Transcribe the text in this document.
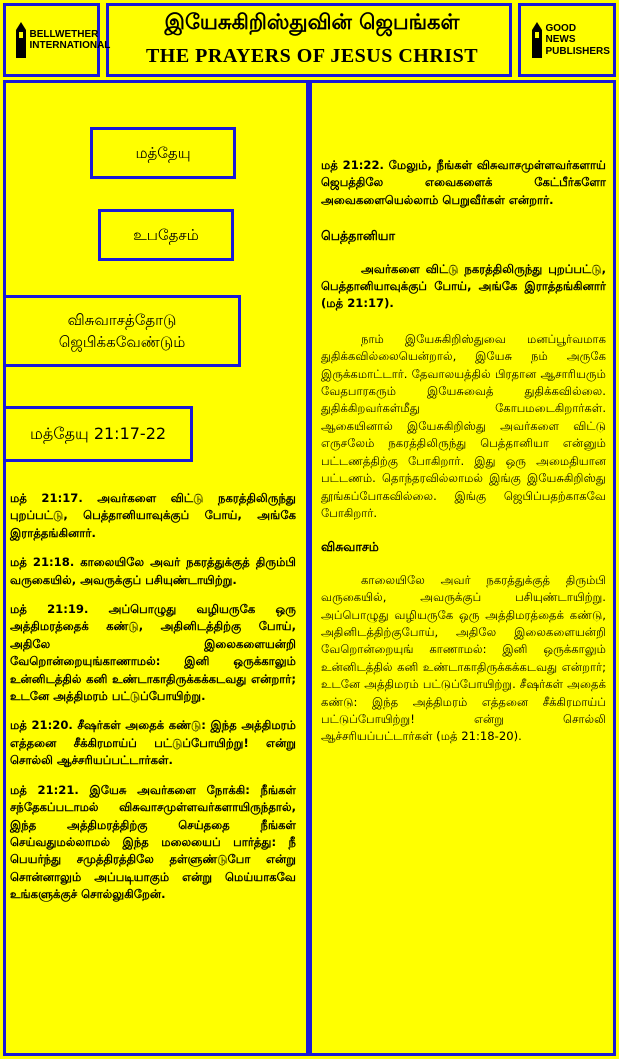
BELLWETHER INTERNATIONAL
இயேசுகிறிஸ்துவின் ஜெபங்கள்
THE PRAYERS OF JESUS CHRIST
GOOD NEWS PUBLISHERS
மத்தேயு
உபதேசம்
விசுவாசத்தோடு ஜெபிக்கவேண்டும்
மத்தேயு 21:17-22

மத் 21:17. அவர்களை விட்டு நகரத்திலிருந்து புறப்பட்டு, பெத்தானியாவுக்குப் போய், அங்கே இராத்தங்கினார்.

மத் 21:18. காலையிலே அவர் நகரத்துக்குத் திரும்பி வருகையில், அவருக்குப் பசியுண்டாயிற்று.

மத் 21:19. அப்பொழுது வழியருகே ஒரு அத்திமரத்தைக் கண்டு, அதினிடத்திற்கு போய், அதிலே இலைகளையன்றி வேறொன்றையுங்காணாமல்: இனி ஒருக்காலும் உன்னிடத்தில் கனி உண்டாகாதிருக்கக்கடவது என்றார்; உடனே அத்திமரம் பட்டுப்போயிற்று.

மத் 21:20. சீஷர்கள் அதைக் கண்டு: இந்த அத்திமரம் எத்தனை சீக்கிரமாய்ப் பட்டுப்போயிற்று! என்று சொல்லி ஆச்சரியப்பட்டார்கள்.

மத் 21:21. இயேசு அவர்களை நோக்கி: நீங்கள் சந்தேகப்படாமல் விசுவாசமுள்ளவர்களாயிருந்தால், இந்த அத்திமரத்திற்கு செய்ததை நீங்கள் செய்வதுமல்லாமல் இந்த மலையைப் பார்த்து: நீ பெயர்ந்து சமுத்திரத்திலே தள்ளுண்டுபோ என்று சொன்னாலும் அப்படியாகும் என்று மெய்யாகவே உங்களுக்குச் சொல்லுகிறேன்.

மத் 21:22. மேலும், நீங்கள் விசுவாசமுள்ளவர்களாய் ஜெபத்திலே எவைகளைக் கேட்பீர்களோ அவைகளையெல்லாம் பெறுவீர்கள் என்றார்.

பெத்தானியா

அவர்களை விட்டு நகரத்திலிருந்து புறப்பட்டு, பெத்தானியாவுக்குப் போய், அங்கே இராத்தங்கினார் (மத் 21:17).

நாம் இயேசுகிறிஸ்துவை மனப்பூர்வமாக துதிக்கவில்லையென்றால், இயேசு நம் அருகே இருக்கமாட்டார். தேவாலயத்தில் பிரதான ஆசாரியரும் வேதபாரகரும் இயேசுவைத் துதிக்கவில்லை. துதிக்கிறவர்கள்மீது கோபமடைகிறார்கள். ஆகையினால் இயேசுகிறிஸ்து அவர்களை விட்டு எருசலேம் நகரத்திலிருந்து பெத்தானியா என்னும் பட்டணத்திற்கு போகிறார். இது ஒரு அமைதியான பட்டணம். தொந்தரவில்லாமல் இங்கு இயேசுகிறிஸ்து தூங்கப்போகவில்லை. இங்கு ஜெபிப்பதற்காகவே போகிறார்.

விசுவாசம்

காலையிலே அவர் நகரத்துக்குத் திரும்பி வருகையில், அவருக்குப் பசியுண்டாயிற்று. அப்பொழுது வழியருகே ஒரு அத்திமரத்தைக் கண்டு, அதினிடத்திற்குபோய், அதிலே இலைகளையன்றி வேறொன்றையுங் காணாமல்: இனி ஒருக்காலும் உன்னிடத்தில் கனி உண்டாகாதிருக்கக்கடவது என்றார்; உடனே அத்திமரம் பட்டுப்போயிற்று. சீஷர்கள் அதைக் கண்டு: இந்த அத்திமரம் எத்தனை சீக்கிரமாய்ப் பட்டுப்போயிற்று! என்று சொல்லி ஆச்சரியப்பட்டார்கள் (மத் 21:18-20).
